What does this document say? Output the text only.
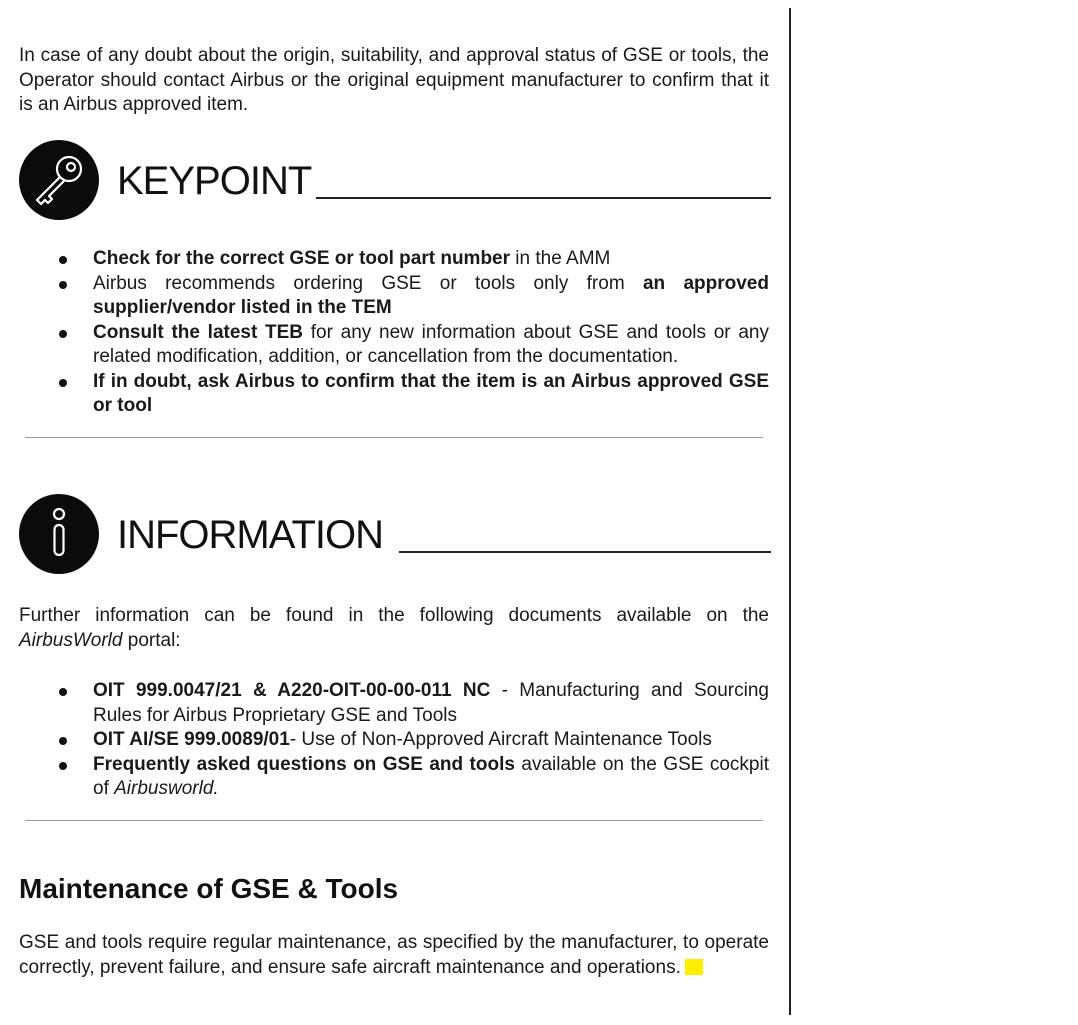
In case of any doubt about the origin, suitability, and approval status of GSE or tools, the Operator should contact Airbus or the original equipment manufacturer to confirm that it is an Airbus approved item.

KEYPOINT
Check for the correct GSE or tool part number in the AMM
Airbus recommends ordering GSE or tools only from an approved supplier/vendor listed in the TEM
Consult the latest TEB for any new information about GSE and tools or any related modification, addition, or cancellation from the documentation.
If in doubt, ask Airbus to confirm that the item is an Airbus approved GSE or tool
INFORMATION

Further information can be found in the following documents available on the AirbusWorld portal:

OIT 999.0047/21 & A220-OIT-00-00-011 NC - Manufacturing and Sourcing Rules for Airbus Proprietary GSE and Tools
OIT AI/SE 999.0089/01- Use of Non-Approved Aircraft Maintenance Tools
Frequently asked questions on GSE and tools available on the GSE cockpit of Airbusworld.
Maintenance of GSE & Tools

GSE and tools require regular maintenance, as specified by the manufacturer, to operate correctly, prevent failure, and ensure safe aircraft maintenance and operations.
